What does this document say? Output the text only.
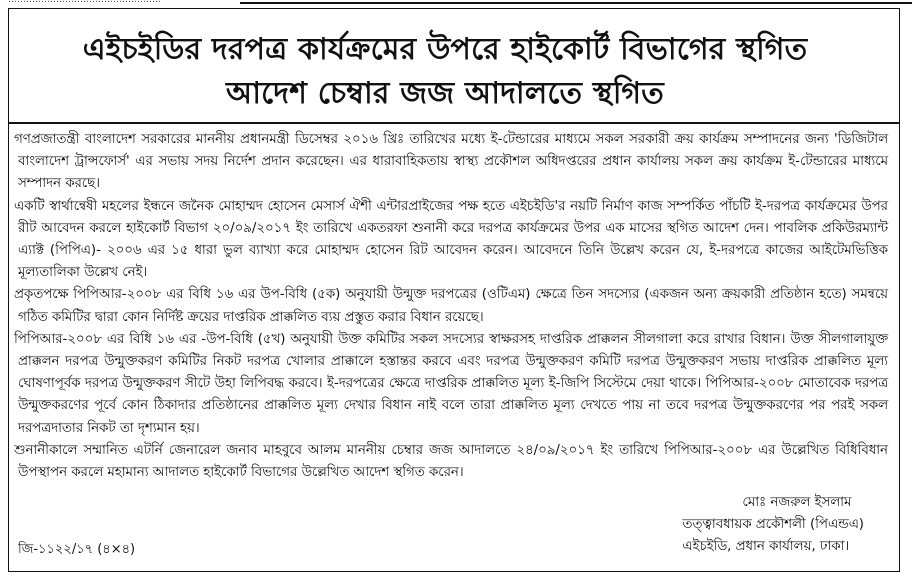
……………………………………………
এইচইডির দরপত্র কার্যক্রমের উপরে হাইকোর্ট বিভাগের স্থগিত
আদেশ চেম্বার জজ আদালতে স্থগিত

গণপ্রজাতন্ত্রী বাংলাদেশ সরকারের মাননীয় প্রধানমন্ত্রী ডিসেম্বর ২০১৬ খ্রিঃ তারিখের মধ্যে ই-টেন্ডারের মাধ্যমে সকল সরকারী ক্রয় কার্যক্রম সম্পাদনের জন্য 'ডিজিটাল বাংলাদেশ ট্রান্সফোর্স' এর সভায় সদয় নির্দেশ প্রদান করেছেন। এর ধারাবাহিকতায় স্বাস্থ্য প্রকৌশল অধিদপ্তরের প্রধান কার্যালয় সকল ক্রয় কার্যক্রম ই-টেন্ডারের মাধ্যমে সম্পাদন করছে।

একটি স্বার্থান্বেষী মহলের ইন্ধনে জনৈক মোহাম্মদ হোসেন মেসার্স ঐশী এন্টারপ্রাইজের পক্ষ হতে এইচইডি'র নয়টি নির্মাণ কাজ সম্পর্কিত পাঁচটি ই-দরপত্র কার্যক্রমের উপর রীট আবেদন করলে হাইকোর্ট বিভাগ ২০/০৯/২০১৭ ইং তারিখে একতরফা শুনানী করে দরপত্র কার্যক্রমের উপর এক মাসের স্থগিত আদেশ দেন। পাবলিক প্রকিউরম্যান্ট এ্যাক্ট (পিপিএ)- ২০০৬ এর ১৫ ধারা ভুল ব্যাখ্যা করে মোহাম্মদ হোসেন রিট আবেদন করেন। আবেদনে তিনি উল্লেখ করেন যে, ই-দরপত্রে কাজের আইটেমভিত্তিক মূল্যতালিকা উল্লেখ নেই।

প্রকৃতপক্ষে পিপিআর-২০০৮ এর বিধি ১৬ এর উপ-বিধি (৫ক) অনুযায়ী উন্মুক্ত দরপত্রের (ওটিএম) ক্ষেত্রে তিন সদস্যের (একজন অন্য ক্রয়কারী প্রতিষ্ঠান হতে) সমন্বয়ে গঠিত কমিটির দ্বারা কোন নির্দিষ্ট ক্রয়ের দাপ্তরিক প্রাক্কলিত ব্যয় প্রস্তুত করার বিধান রয়েছে।

পিপিআর-২০০৮ এর বিধি ১৬ এর -উপ-বিধি (৫খ) অনুযায়ী উক্ত কমিটির সকল সদস্যের স্বাক্ষরসহ দাপ্তরিক প্রাক্কলন সীলগালা করে রাখার বিধান। উক্ত সীলগালাযুক্ত প্রাক্কলন দরপত্র উন্মুক্তকরণ কমিটির নিকট দরপত্র খোলার প্রাক্কালে হস্তান্তর করবে এবং দরপত্র উন্মুক্তকরণ কমিটি দরপত্র উন্মুক্তকরণ সভায় দাপ্তরিক প্রাক্কলিত মূল্য ঘোষণাপূর্বক দরপত্র উন্মুক্তকরণ সীটে উহা লিপিবদ্ধ করবে। ই-দরপত্রের ক্ষেত্রে দাপ্তরিক প্রাক্কলিত মূল্য ই-জিপি সিস্টেমে দেয়া থাকে। পিপিআর-২০০৮ মোতাবেক দরপত্র উন্মুক্তকরণের পূর্বে কোন ঠিকাদার প্রতিষ্ঠানের প্রাক্কলিত মূল্য দেখার বিধান নাই বলে তারা প্রাক্কলিত মূল্য দেখতে পায় না তবে দরপত্র উন্মুক্তকরণের পর পরই সকল দরপত্রদাতার নিকট তা দৃশ্যমান হয়।

শুনানীকালে সম্মানিত এটর্নি জেনারেল জনাব মাহবুবে আলম মাননীয় চেম্বার জজ আদালতে ২৪/০৯/২০১৭ ইং তারিখে পিপিআর-২০০৮ এর উল্লেখিত বিধিবিধান উপস্থাপন করলে মহামান্য আদালত হাইকোর্ট বিভাগের উল্লেখিত আদেশ স্থগিত করেন।

মোঃ নজরুল ইসলাম
তত্ত্বাবধায়ক প্রকৌশলী (পিএন্ডএ)
এইচইডি, প্রধান কার্যালয়, ঢাকা।
জি-১১২২/১৭ (৪×৪)
